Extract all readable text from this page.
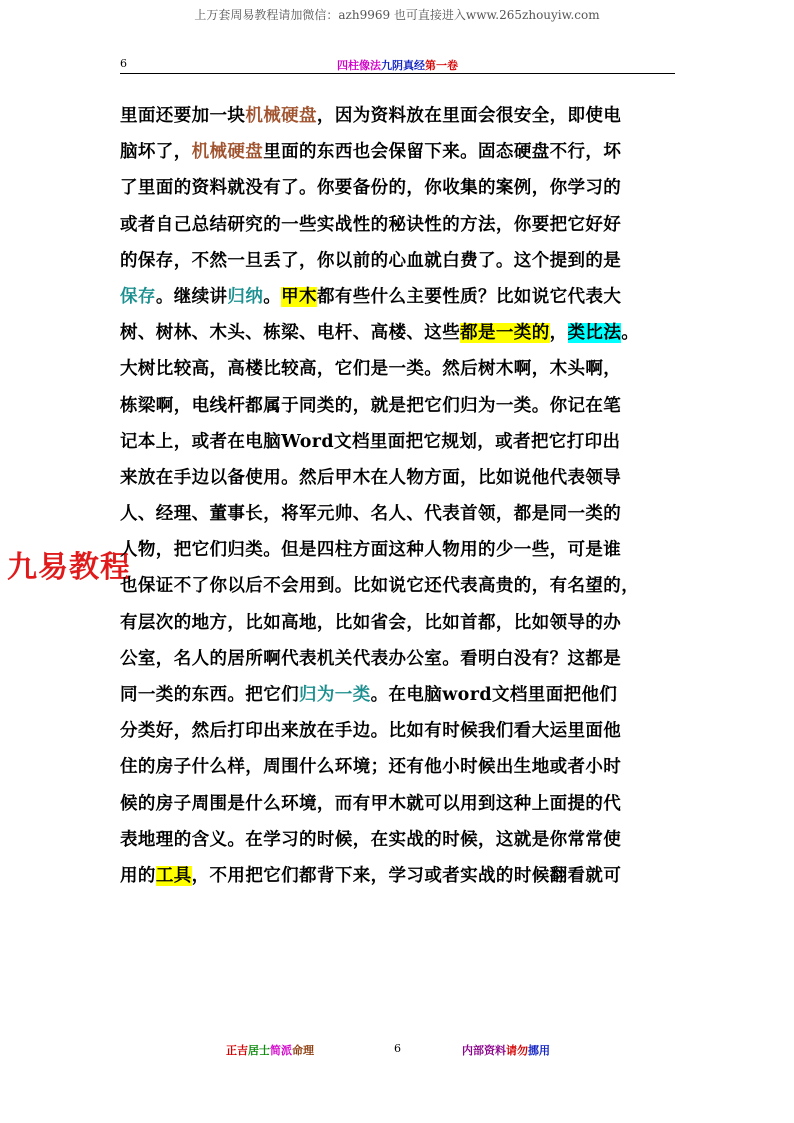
上万套周易教程请加微信：azh9969 也可直接进入www.265zhouyiw.com
6	四柱像法九阴真经第一卷
九易教程
里面还要加一块机械硬盘，因为资料放在里面会很安全，即使电
脑坏了，机械硬盘里面的东西也会保留下来。固态硬盘不行，坏
了里面的资料就没有了。你要备份的，你收集的案例，你学习的
或者自己总结研究的一些实战性的秘诀性的方法，你要把它好好
的保存，不然一旦丢了，你以前的心血就白费了。这个提到的是
保存。继续讲归纳。甲木都有些什么主要性质？比如说它代表大
树、树林、木头、栋梁、电杆、高楼、这些都是一类的，类比法。
大树比较高，高楼比较高，它们是一类。然后树木啊，木头啊，
栋梁啊，电线杆都属于同类的，就是把它们归为一类。你记在笔
记本上，或者在电脑Word文档里面把它规划，或者把它打印出
来放在手边以备使用。然后甲木在人物方面，比如说他代表领导
人、经理、董事长，将军元帅、名人、代表首领，都是同一类的
人物，把它们归类。但是四柱方面这种人物用的少一些，可是谁
也保证不了你以后不会用到。比如说它还代表高贵的，有名望的，
有层次的地方，比如高地，比如省会，比如首都，比如领导的办
公室，名人的居所啊代表机关代表办公室。看明白没有？这都是
同一类的东西。把它们归为一类。在电脑word文档里面把他们
分类好，然后打印出来放在手边。比如有时候我们看大运里面他
住的房子什么样，周围什么环境；还有他小时候出生地或者小时
候的房子周围是什么环境，而有甲木就可以用到这种上面提的代
表地理的含义。在学习的时候，在实战的时候，这就是你常常使
用的工具，不用把它们都背下来，学习或者实战的时候翻看就可
正吉居士简派命理	6	内部资料请勿挪用
